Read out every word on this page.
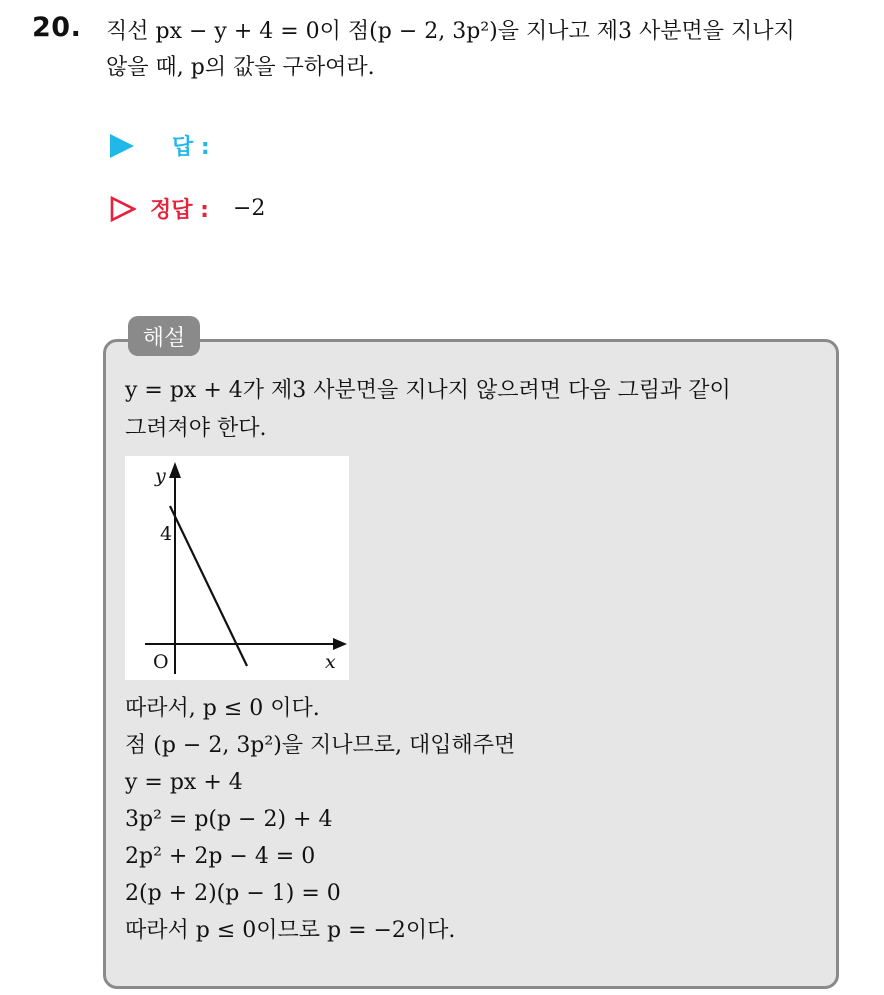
20. 직선 px − y + 4 = 0이 점(p − 2, 3p²)을 지나고 제3 사분면을 지나지
않을 때, p의 값을 구하여라.
답 :
정답 : −2
해설
y = px + 4가 제3 사분면을 지나지 않으려면 다음 그림과 같이
그려져야 한다.
y
x
O
4
따라서, p ≤ 0 이다.
점 (p − 2, 3p²)을 지나므로, 대입해주면
y = px + 4
3p² = p(p − 2) + 4
2p² + 2p − 4 = 0
2(p + 2)(p − 1) = 0
따라서 p ≤ 0이므로 p = −2이다.
